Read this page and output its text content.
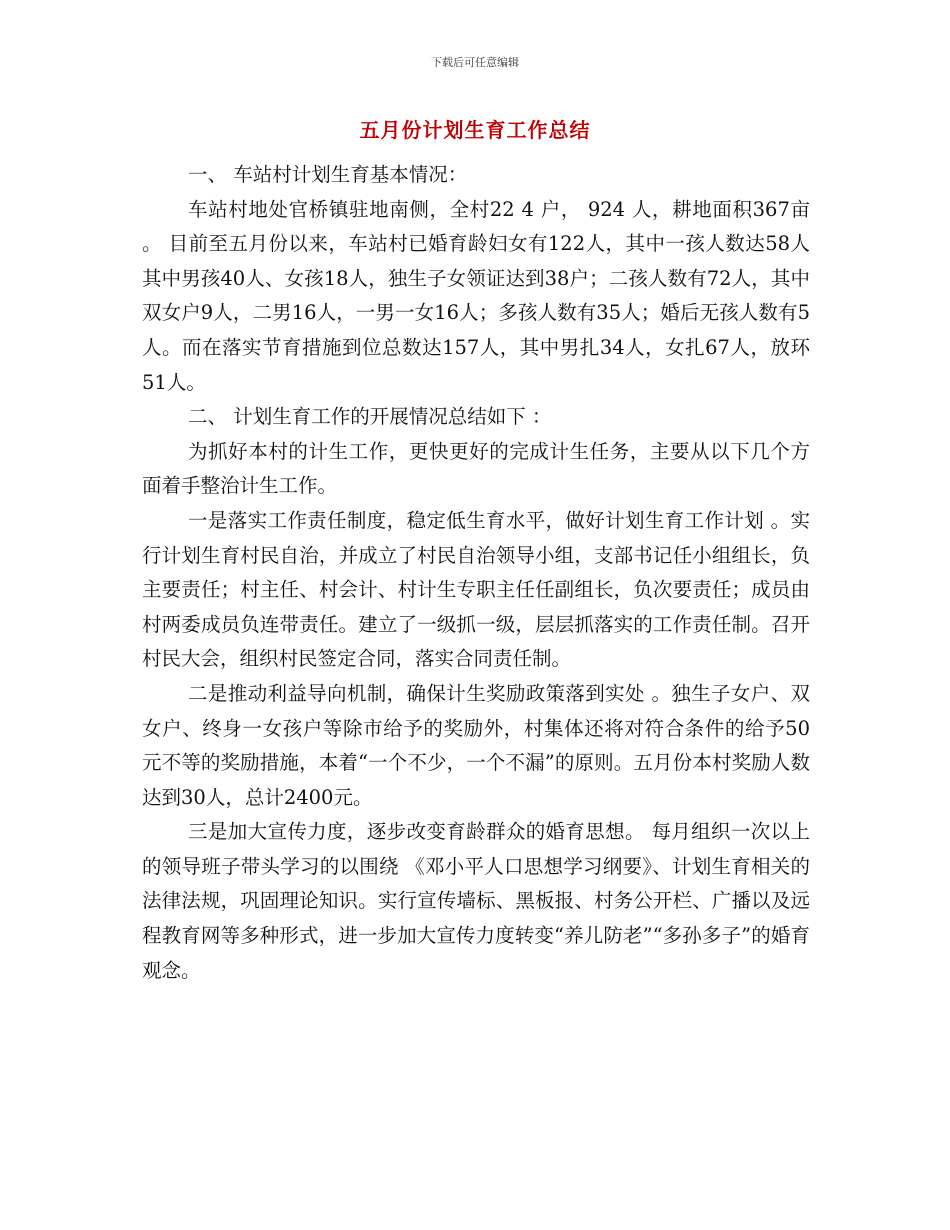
下载后可任意编辑
五月份计划生育工作总结

一、 车站村计划生育基本情况：

车站村地处官桥镇驻地南侧，全村22 4 户， 924 人，耕地面积367亩 。 目前至五月份以来，车站村已婚育龄妇女有122人，其中一孩人数达58人其中男孩40人、女孩18人，独生子女领证达到38户；二孩人数有72人，其中双女户9人，二男16人，一男一女16人；多孩人数有35人；婚后无孩人数有5人。而在落实节育措施到位总数达157人，其中男扎34人，女扎67人，放环51人。

二、 计划生育工作的开展情况总结如下 ：

为抓好本村的计生工作，更快更好的完成计生任务，主要从以下几个方面着手整治计生工作。

一是落实工作责任制度，稳定低生育水平，做好计划生育工作计划 。实行计划生育村民自治，并成立了村民自治领导小组，支部书记任小组组长，负主要责任；村主任、村会计、村计生专职主任任副组长，负次要责任；成员由村两委成员负连带责任。建立了一级抓一级，层层抓落实的工作责任制。召开村民大会，组织村民签定合同，落实合同责任制。

二是推动利益导向机制，确保计生奖励政策落到实处 。独生子女户、双女户、终身一女孩户等除市给予的奖励外，村集体还将对符合条件的给予50元不等的奖励措施，本着“一个不少，一个不漏”的原则。五月份本村奖励人数达到30人，总计2400元。

三是加大宣传力度，逐步改变育龄群众的婚育思想。 每月组织一次以上的领导班子带头学习的以围绕 《邓小平人口思想学习纲要》、计划生育相关的法律法规，巩固理论知识。实行宣传墙标、黑板报、村务公开栏、广播以及远程教育网等多种形式，进一步加大宣传力度转变“养儿防老”“多孙多子”的婚育观念。
